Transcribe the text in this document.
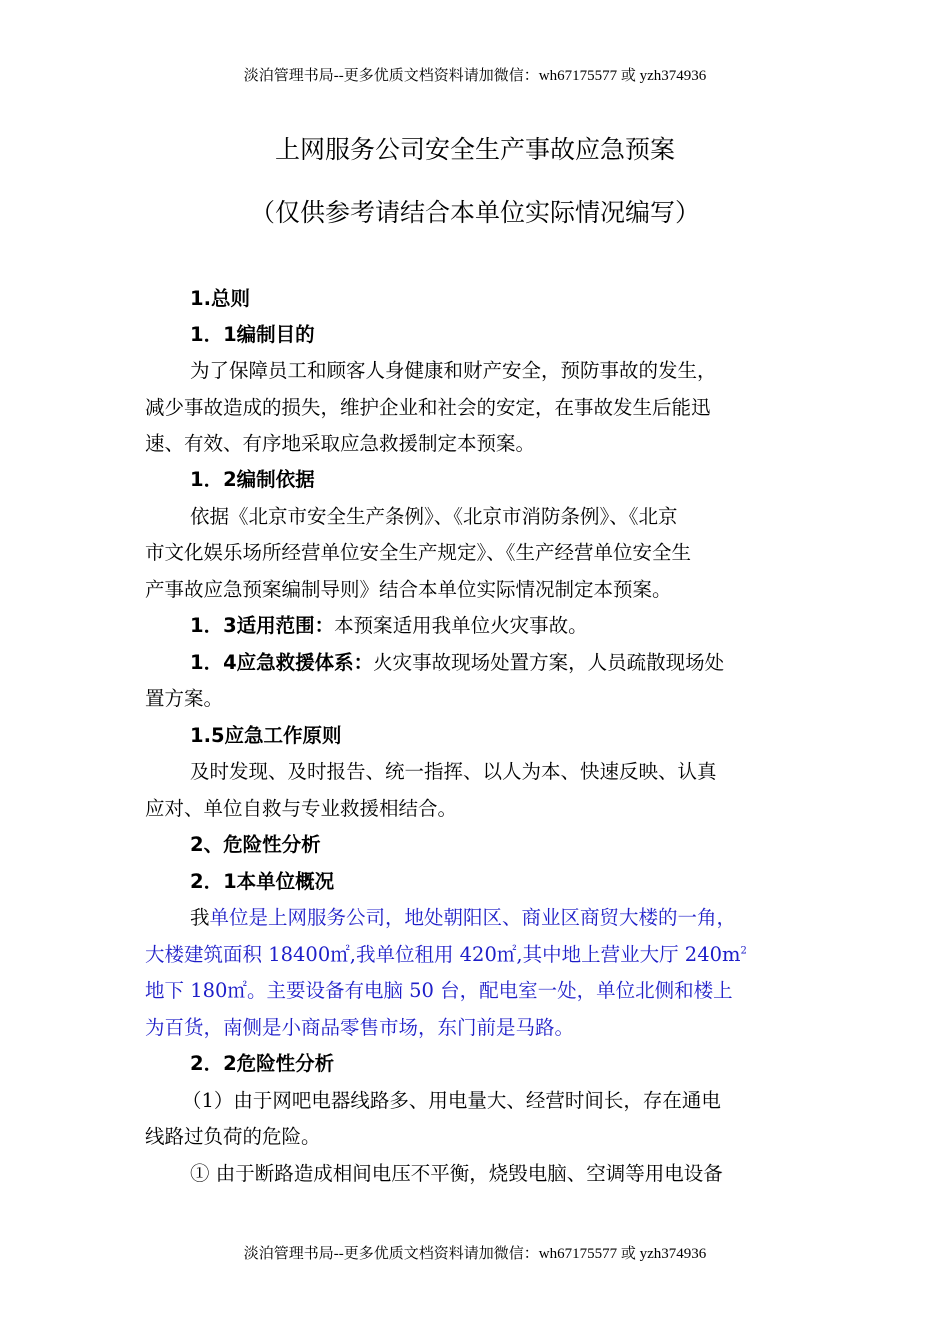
淡泊管理书局--更多优质文档资料请加微信：wh67175577 或 yzh374936
上网服务公司安全生产事故应急预案
（仅供参考请结合本单位实际情况编写）
1.总则
1．1编制目的
为了保障员工和顾客人身健康和财产安全，预防事故的发生，
减少事故造成的损失，维护企业和社会的安定，在事故发生后能迅
速、有效、有序地采取应急救援制定本预案。
1．2编制依据
依据《北京市安全生产条例》、《北京市消防条例》、《北京
市文化娱乐场所经营单位安全生产规定》、《生产经营单位安全生
产事故应急预案编制导则》结合本单位实际情况制定本预案。
1．3适用范围：本预案适用我单位火灾事故。
1．4应急救援体系：火灾事故现场处置方案，人员疏散现场处
置方案。
1.5应急工作原则
及时发现、及时报告、统一指挥、以人为本、快速反映、认真
应对、单位自救与专业救援相结合。
2、危险性分析
2．1本单位概况
我单位是上网服务公司，地处朝阳区、商业区商贸大楼的一角，
大楼建筑面积 18400㎡,我单位租用 420㎡,其中地上营业大厅 $240m^2$
地下 180㎡。主要设备有电脑 50 台，配电室一处，单位北侧和楼上
为百货，南侧是小商品零售市场，东门前是马路。
2．2危险性分析
（1）由于网吧电器线路多、用电量大、经营时间长，存在通电
线路过负荷的危险。
① 由于断路造成相间电压不平衡，烧毁电脑、空调等用电设备
淡泊管理书局--更多优质文档资料请加微信：wh67175577 或 yzh374936
